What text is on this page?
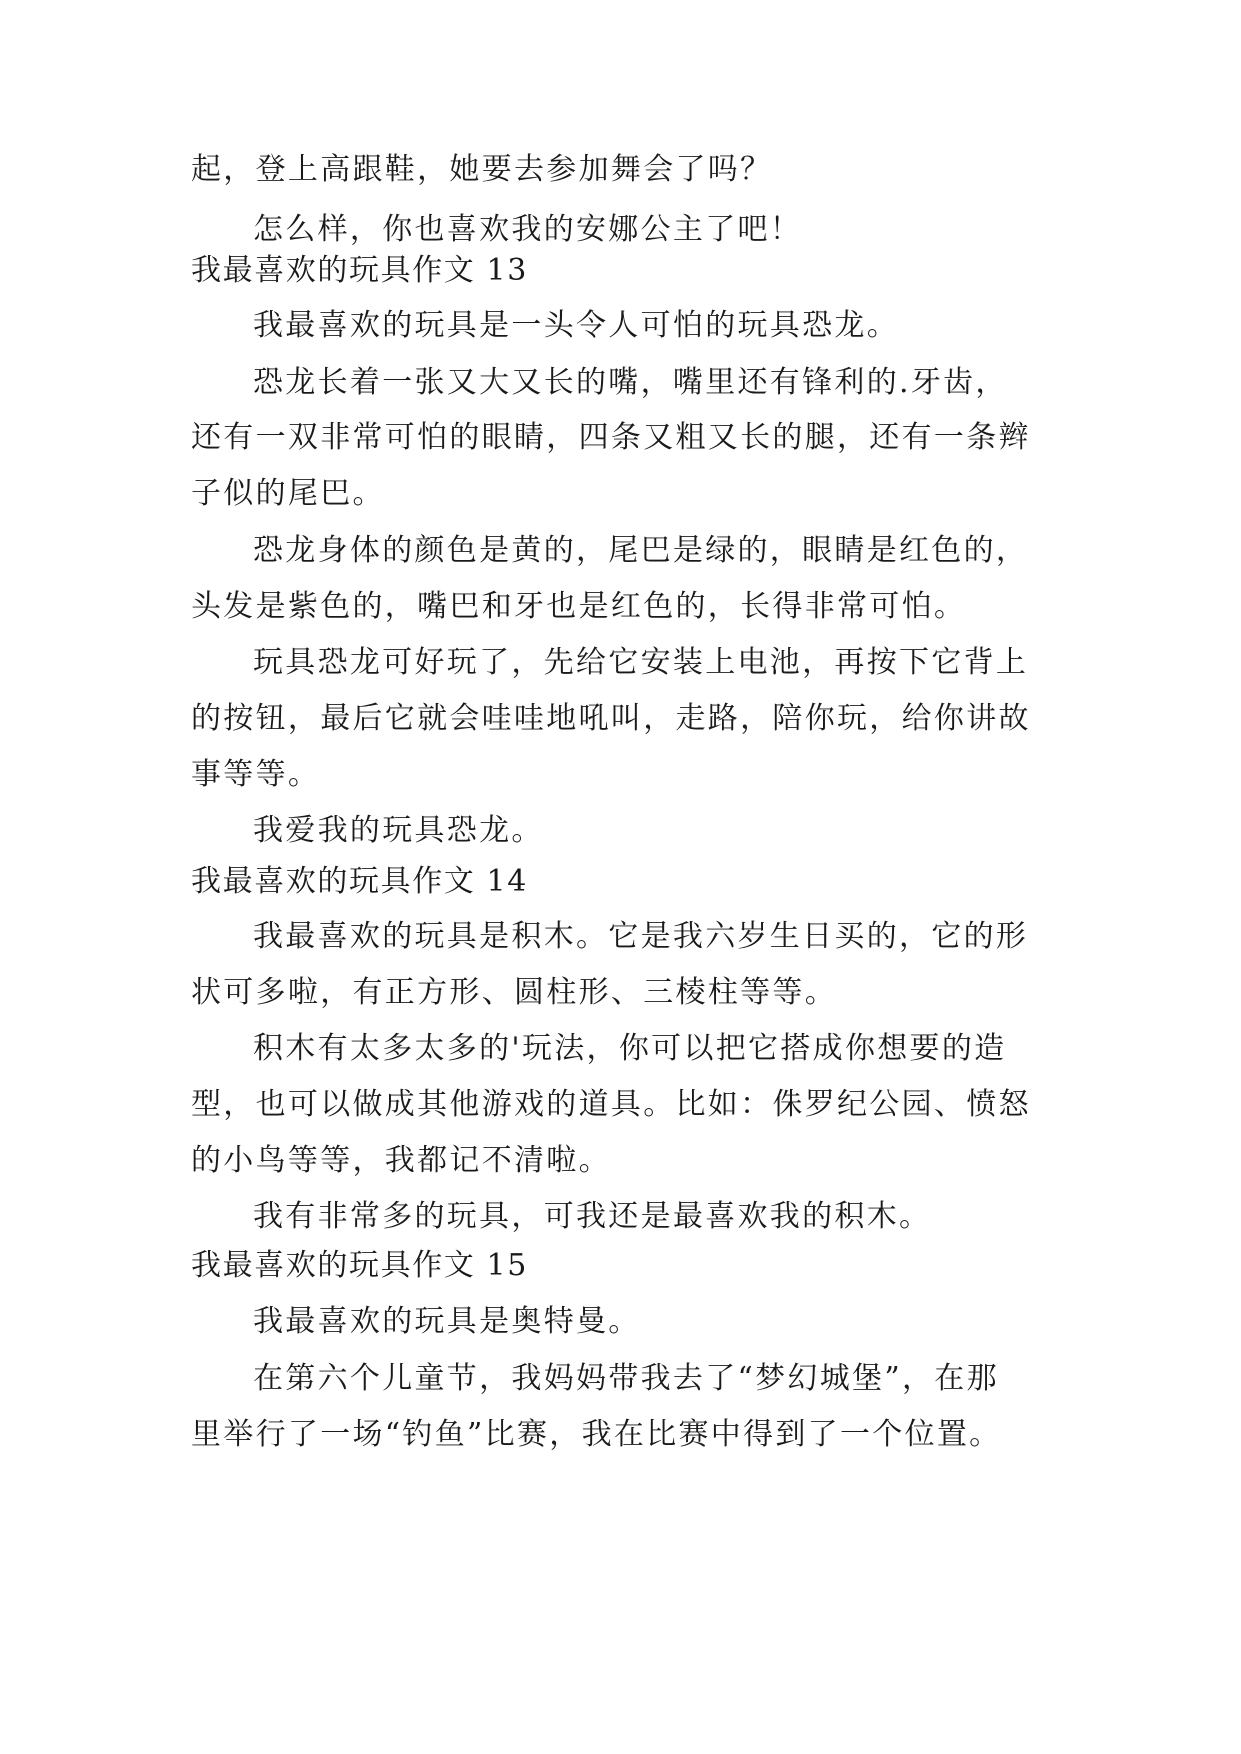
起，登上高跟鞋，她要去参加舞会了吗？
怎么样，你也喜欢我的安娜公主了吧！
我最喜欢的玩具作文 13
我最喜欢的玩具是一头令人可怕的玩具恐龙。
恐龙长着一张又大又长的嘴，嘴里还有锋利的.牙齿，
还有一双非常可怕的眼睛，四条又粗又长的腿，还有一条辫
子似的尾巴。
恐龙身体的颜色是黄的，尾巴是绿的，眼睛是红色的，
头发是紫色的，嘴巴和牙也是红色的，长得非常可怕。
玩具恐龙可好玩了，先给它安装上电池，再按下它背上
的按钮，最后它就会哇哇地吼叫，走路，陪你玩，给你讲故
事等等。
我爱我的玩具恐龙。
我最喜欢的玩具作文 14
我最喜欢的玩具是积木。它是我六岁生日买的，它的形
状可多啦，有正方形、圆柱形、三棱柱等等。
积木有太多太多的'玩法，你可以把它搭成你想要的造
型，也可以做成其他游戏的道具。比如：侏罗纪公园、愤怒
的小鸟等等，我都记不清啦。
我有非常多的玩具，可我还是最喜欢我的积木。
我最喜欢的玩具作文 15
我最喜欢的玩具是奥特曼。
在第六个儿童节，我妈妈带我去了“梦幻城堡”，在那
里举行了一场“钓鱼”比赛，我在比赛中得到了一个位置。
